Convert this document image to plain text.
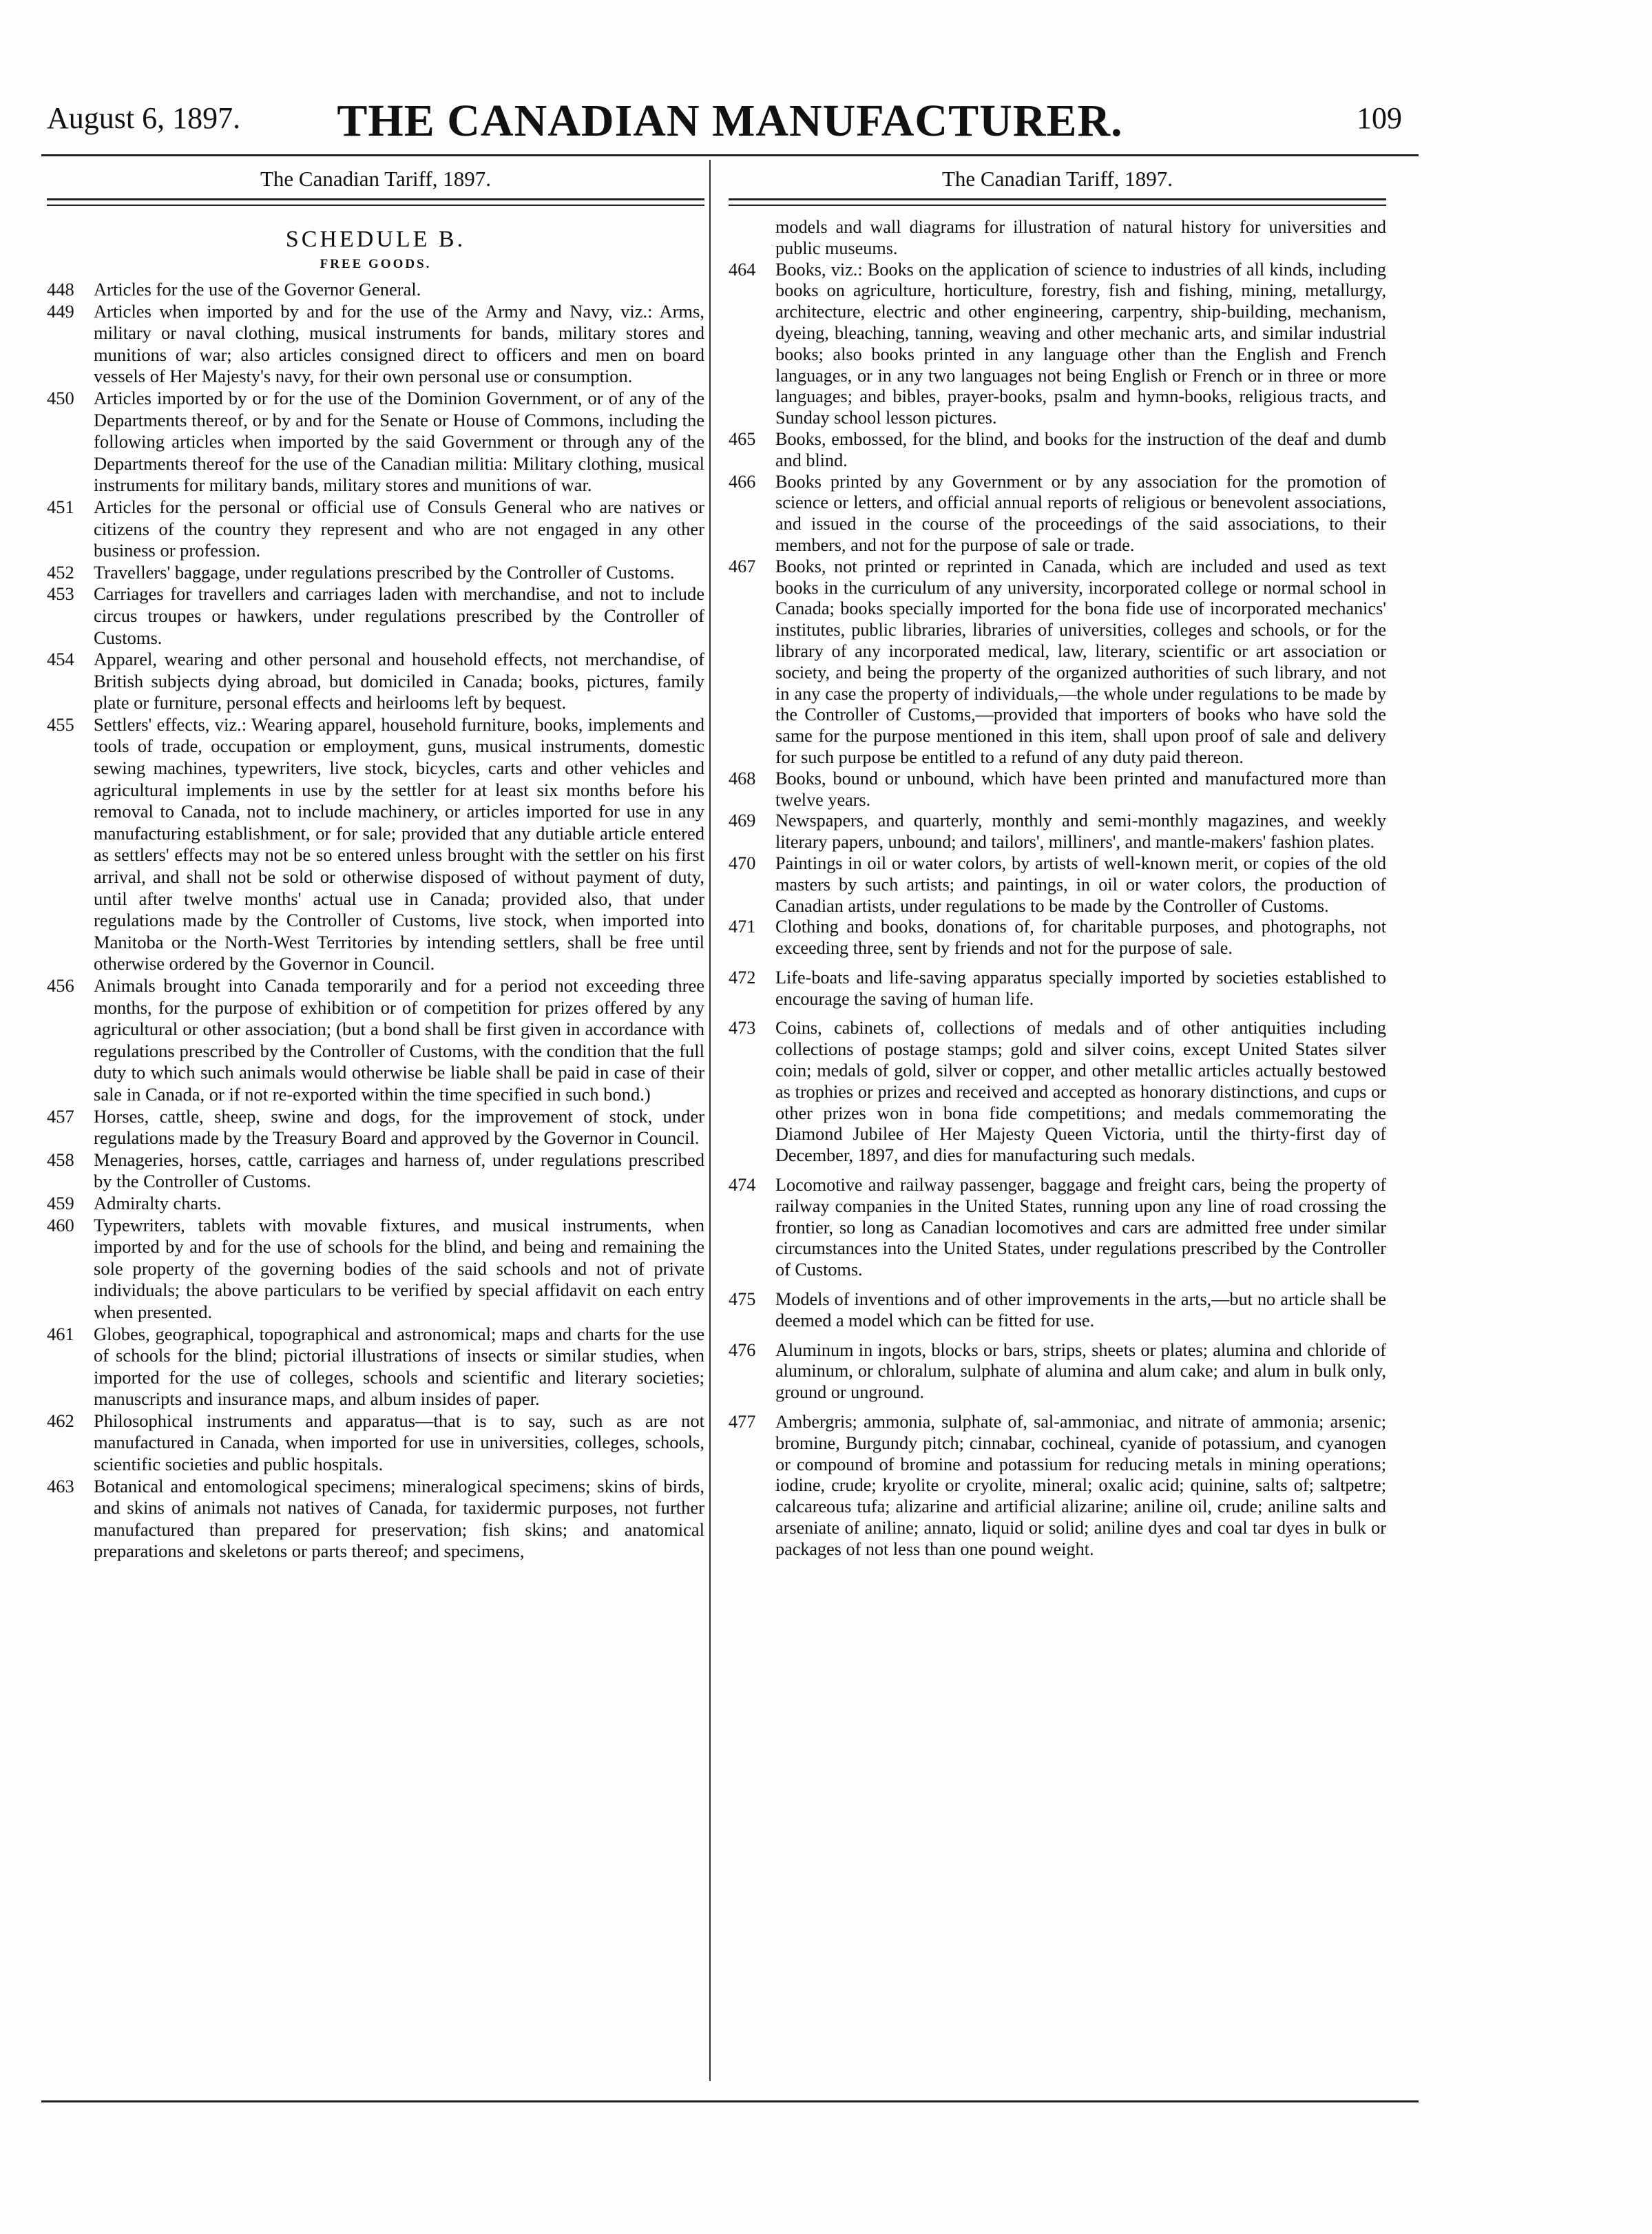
August 6, 1897.	THE CANADIAN MANUFACTURER.	109
The Canadian Tariff, 1897.
SCHEDULE B.
FREE GOODS.
448 Articles for the use of the Governor General.
449 Articles when imported by and for the use of the Army and Navy, viz.: Arms, military or naval clothing, musical instruments for bands, military stores and munitions of war; also articles consigned direct to officers and men on board vessels of Her Majesty's navy, for their own personal use or consumption.
450 Articles imported by or for the use of the Dominion Government, or of any of the Departments thereof, or by and for the Senate or House of Commons, including the following articles when imported by the said Government or through any of the Departments thereof for the use of the Canadian militia: Military clothing, musical instruments for military bands, military stores and munitions of war.
451 Articles for the personal or official use of Consuls General who are natives or citizens of the country they represent and who are not engaged in any other business or profession.
452 Travellers' baggage, under regulations prescribed by the Controller of Customs.
453 Carriages for travellers and carriages laden with merchandise, and not to include circus troupes or hawkers, under regulations prescribed by the Controller of Customs.
454 Apparel, wearing and other personal and household effects, not merchandise, of British subjects dying abroad, but domiciled in Canada; books, pictures, family plate or furniture, personal effects and heirlooms left by bequest.
455 Settlers' effects, viz.: Wearing apparel, household furniture, books, implements and tools of trade, occupation or employment, guns, musical instruments, domestic sewing machines, typewriters, live stock, bicycles, carts and other vehicles and agricultural implements in use by the settler for at least six months before his removal to Canada, not to include machinery, or articles imported for use in any manufacturing establishment, or for sale; provided that any dutiable article entered as settlers' effects may not be so entered unless brought with the settler on his first arrival, and shall not be sold or otherwise disposed of without payment of duty, until after twelve months' actual use in Canada; provided also, that under regulations made by the Controller of Customs, live stock, when imported into Manitoba or the North-West Territories by intending settlers, shall be free until otherwise ordered by the Governor in Council.
456 Animals brought into Canada temporarily and for a period not exceeding three months, for the purpose of exhibition or of competition for prizes offered by any agricultural or other association; (but a bond shall be first given in accordance with regulations prescribed by the Controller of Customs, with the condition that the full duty to which such animals would otherwise be liable shall be paid in case of their sale in Canada, or if not re-exported within the time specified in such bond.)
457 Horses, cattle, sheep, swine and dogs, for the improvement of stock, under regulations made by the Treasury Board and approved by the Governor in Council.
458 Menageries, horses, cattle, carriages and harness of, under regulations prescribed by the Controller of Customs.
459 Admiralty charts.
460 Typewriters, tablets with movable fixtures, and musical instruments, when imported by and for the use of schools for the blind, and being and remaining the sole property of the governing bodies of the said schools and not of private individuals; the above particulars to be verified by special affidavit on each entry when presented.
461 Globes, geographical, topographical and astronomical; maps and charts for the use of schools for the blind; pictorial illustrations of insects or similar studies, when imported for the use of colleges, schools and scientific and literary societies; manuscripts and insurance maps, and album insides of paper.
462 Philosophical instruments and apparatus—that is to say, such as are not manufactured in Canada, when imported for use in universities, colleges, schools, scientific societies and public hospitals.
463 Botanical and entomological specimens; mineralogical specimens; skins of birds, and skins of animals not natives of Canada, for taxidermic purposes, not further manufactured than prepared for preservation; fish skins; and anatomical preparations and skeletons or parts thereof; and specimens,
The Canadian Tariff, 1897.
models and wall diagrams for illustration of natural history for universities and public museums.
464 Books, viz.: Books on the application of science to industries of all kinds, including books on agriculture, horticulture, forestry, fish and fishing, mining, metallurgy, architecture, electric and other engineering, carpentry, ship-building, mechanism, dyeing, bleaching, tanning, weaving and other mechanic arts, and similar industrial books; also books printed in any language other than the English and French languages, or in any two languages not being English or French or in three or more languages; and bibles, prayer-books, psalm and hymn-books, religious tracts, and Sunday school lesson pictures.
465 Books, embossed, for the blind, and books for the instruction of the deaf and dumb and blind.
466 Books printed by any Government or by any association for the promotion of science or letters, and official annual reports of religious or benevolent associations, and issued in the course of the proceedings of the said associations, to their members, and not for the purpose of sale or trade.
467 Books, not printed or reprinted in Canada, which are included and used as text books in the curriculum of any university, incorporated college or normal school in Canada; books specially imported for the bona fide use of incorporated mechanics' institutes, public libraries, libraries of universities, colleges and schools, or for the library of any incorporated medical, law, literary, scientific or art association or society, and being the property of the organized authorities of such library, and not in any case the property of individuals,—the whole under regulations to be made by the Controller of Customs,—provided that importers of books who have sold the same for the purpose mentioned in this item, shall upon proof of sale and delivery for such purpose be entitled to a refund of any duty paid thereon.
468 Books, bound or unbound, which have been printed and manufactured more than twelve years.
469 Newspapers, and quarterly, monthly and semi-monthly magazines, and weekly literary papers, unbound; and tailors', milliners', and mantle-makers' fashion plates.
470 Paintings in oil or water colors, by artists of well-known merit, or copies of the old masters by such artists; and paintings, in oil or water colors, the production of Canadian artists, under regulations to be made by the Controller of Customs.
471 Clothing and books, donations of, for charitable purposes, and photographs, not exceeding three, sent by friends and not for the purpose of sale.
472 Life-boats and life-saving apparatus specially imported by societies established to encourage the saving of human life.
473 Coins, cabinets of, collections of medals and of other antiquities including collections of postage stamps; gold and silver coins, except United States silver coin; medals of gold, silver or copper, and other metallic articles actually bestowed as trophies or prizes and received and accepted as honorary distinctions, and cups or other prizes won in bona fide competitions; and medals commemorating the Diamond Jubilee of Her Majesty Queen Victoria, until the thirty-first day of December, 1897, and dies for manufacturing such medals.
474 Locomotive and railway passenger, baggage and freight cars, being the property of railway companies in the United States, running upon any line of road crossing the frontier, so long as Canadian locomotives and cars are admitted free under similar circumstances into the United States, under regulations prescribed by the Controller of Customs.
475 Models of inventions and of other improvements in the arts,—but no article shall be deemed a model which can be fitted for use.
476 Aluminum in ingots, blocks or bars, strips, sheets or plates; alumina and chloride of aluminum, or chloralum, sulphate of alumina and alum cake; and alum in bulk only, ground or unground.
477 Ambergris; ammonia, sulphate of, sal-ammoniac, and nitrate of ammonia; arsenic; bromine, Burgundy pitch; cinnabar, cochineal, cyanide of potassium, and cyanogen or compound of bromine and potassium for reducing metals in mining operations; iodine, crude; kryolite or cryolite, mineral; oxalic acid; quinine, salts of; saltpetre; calcareous tufa; alizarine and artificial alizarine; aniline oil, crude; aniline salts and arseniate of aniline; annato, liquid or solid; aniline dyes and coal tar dyes in bulk or packages of not less than one pound weight.
